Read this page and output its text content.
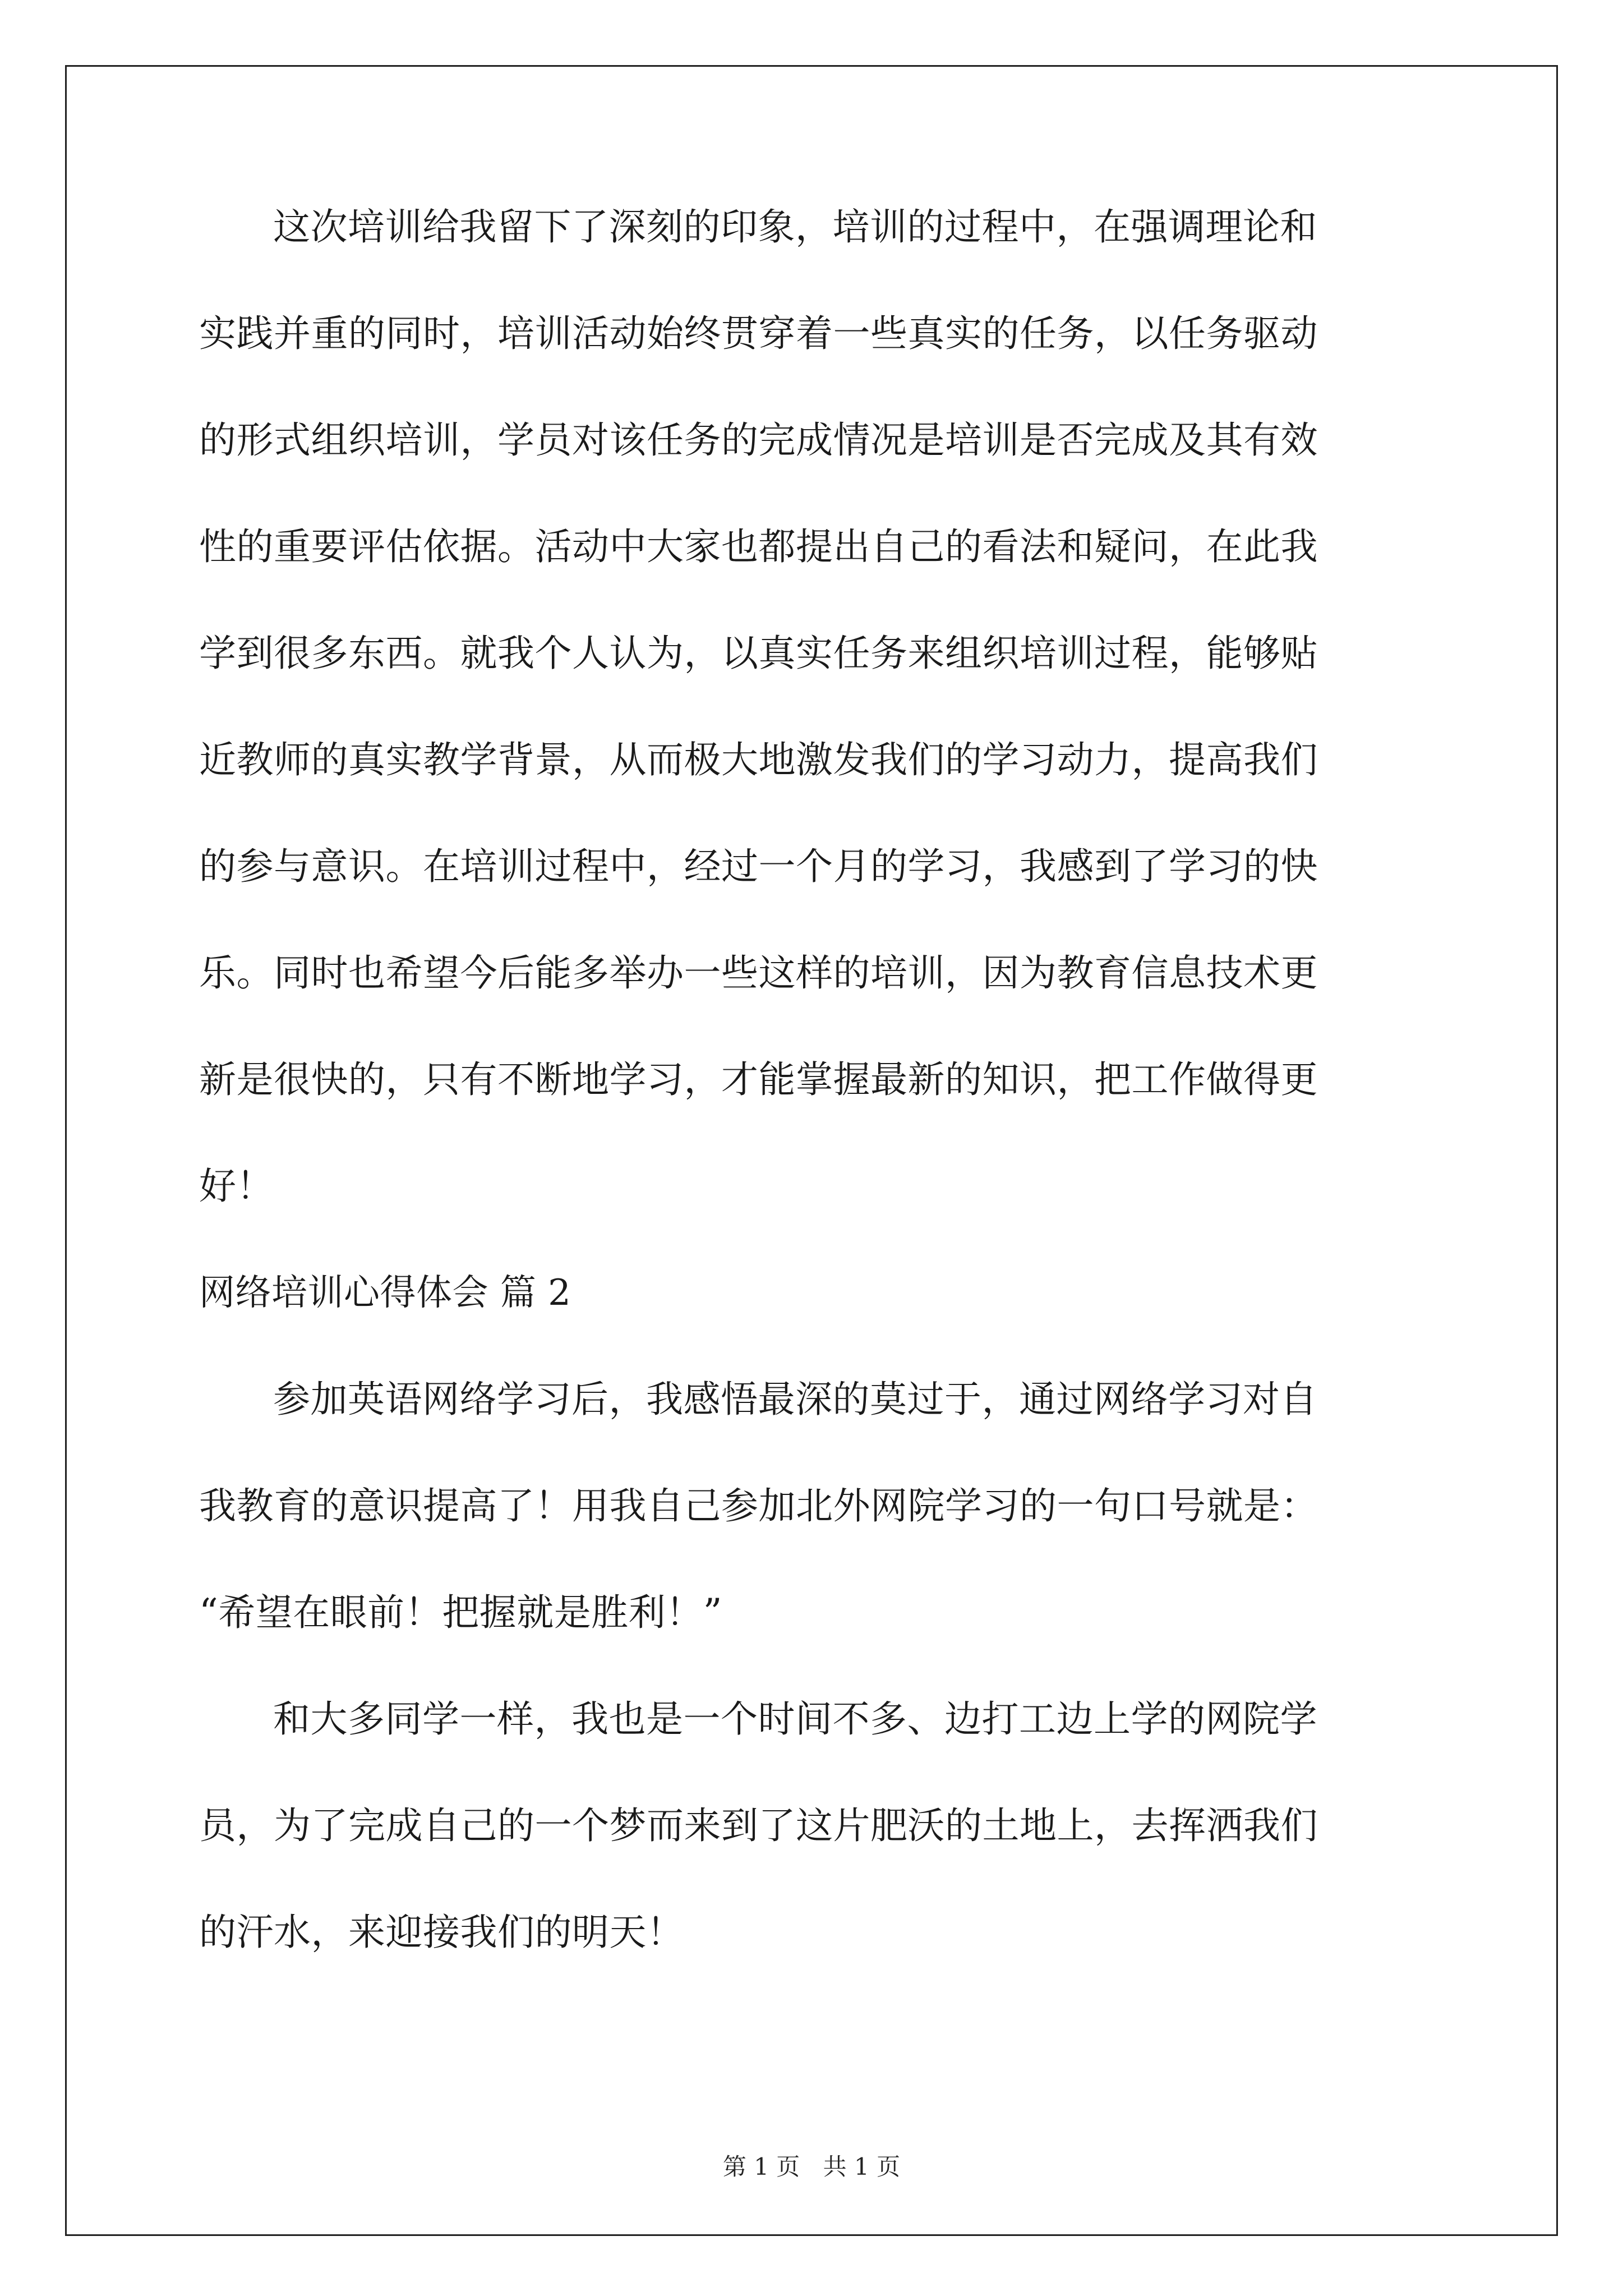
这次培训给我留下了深刻的印象，培训的过程中，在强调理论和
实践并重的同时，培训活动始终贯穿着一些真实的任务，以任务驱动
的形式组织培训，学员对该任务的完成情况是培训是否完成及其有效
性的重要评估依据。活动中大家也都提出自己的看法和疑问，在此我
学到很多东西。就我个人认为，以真实任务来组织培训过程，能够贴
近教师的真实教学背景，从而极大地激发我们的学习动力，提高我们
的参与意识。在培训过程中，经过一个月的学习，我感到了学习的快
乐。同时也希望今后能多举办一些这样的培训，因为教育信息技术更
新是很快的，只有不断地学习，才能掌握最新的知识，把工作做得更
好！
网络培训心得体会 篇 2
参加英语网络学习后，我感悟最深的莫过于，通过网络学习对自
我教育的意识提高了！用我自己参加北外网院学习的一句口号就是：
“希望在眼前！把握就是胜利！”
和大多同学一样，我也是一个时间不多、边打工边上学的网院学
员，为了完成自己的一个梦而来到了这片肥沃的土地上，去挥洒我们
的汗水，来迎接我们的明天！
第 1 页 共 1 页
